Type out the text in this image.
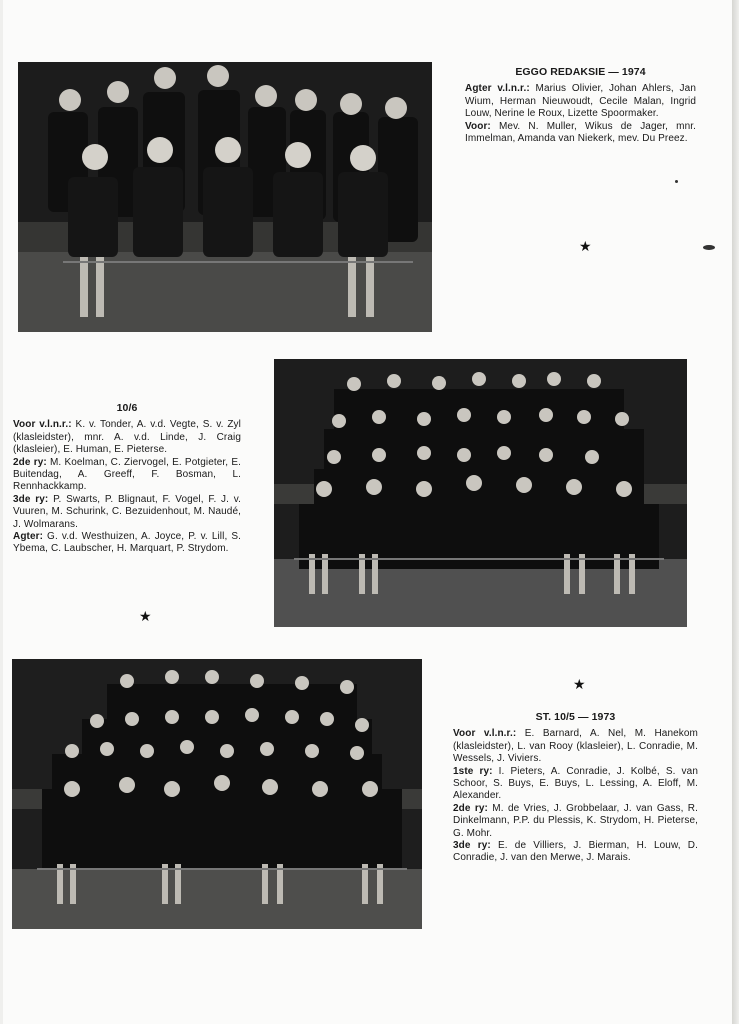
EGGO REDAKSIE — 1974
Agter v.l.n.r.: Marius Olivier, Johan Ahlers, Jan Wium, Herman Nieuwoudt, Cecile Malan, Ingrid Louw, Nerine le Roux, Lizette Spoormaker.
Voor: Mev. N. Muller, Wikus de Jager, mnr. Immelman, Amanda van Niekerk, mev. Du Preez.
★
10/6
Voor v.l.n.r.: K. v. Tonder, A. v.d. Vegte, S. v. Zyl (klasleidster), mnr. A. v.d. Linde, J. Craig (klasleier), E. Human, E. Pieterse.
2de ry: M. Koelman, C. Ziervogel, E. Potgieter, E. Buitendag, A. Greeff, F. Bosman, L. Rennhackkamp.
3de ry: P. Swarts, P. Blignaut, F. Vogel, F. J. v. Vuuren, M. Schurink, C. Bezuidenhout, M. Naudé, J. Wolmarans.
Agter: G. v.d. Westhuizen, A. Joyce, P. v. Lill, S. Ybema, C. Laubscher, H. Marquart, P. Strydom.
★
★
ST. 10/5 — 1973
Voor v.l.n.r.: E. Barnard, A. Nel, M. Hanekom (klasleidster), L. van Rooy (klasleier), L. Conradie, M. Wessels, J. Viviers.
1ste ry: I. Pieters, A. Conradie, J. Kolbé, S. van Schoor, S. Buys, E. Buys, L. Lessing, A. Eloff, M. Alexander.
2de ry: M. de Vries, J. Grobbelaar, J. van Gass, R. Dinkelmann, P.P. du Plessis, K. Strydom, H. Pieterse, G. Mohr.
3de ry: E. de Villiers, J. Bierman, H. Louw, D. Conradie, J. van den Merwe, J. Marais.
